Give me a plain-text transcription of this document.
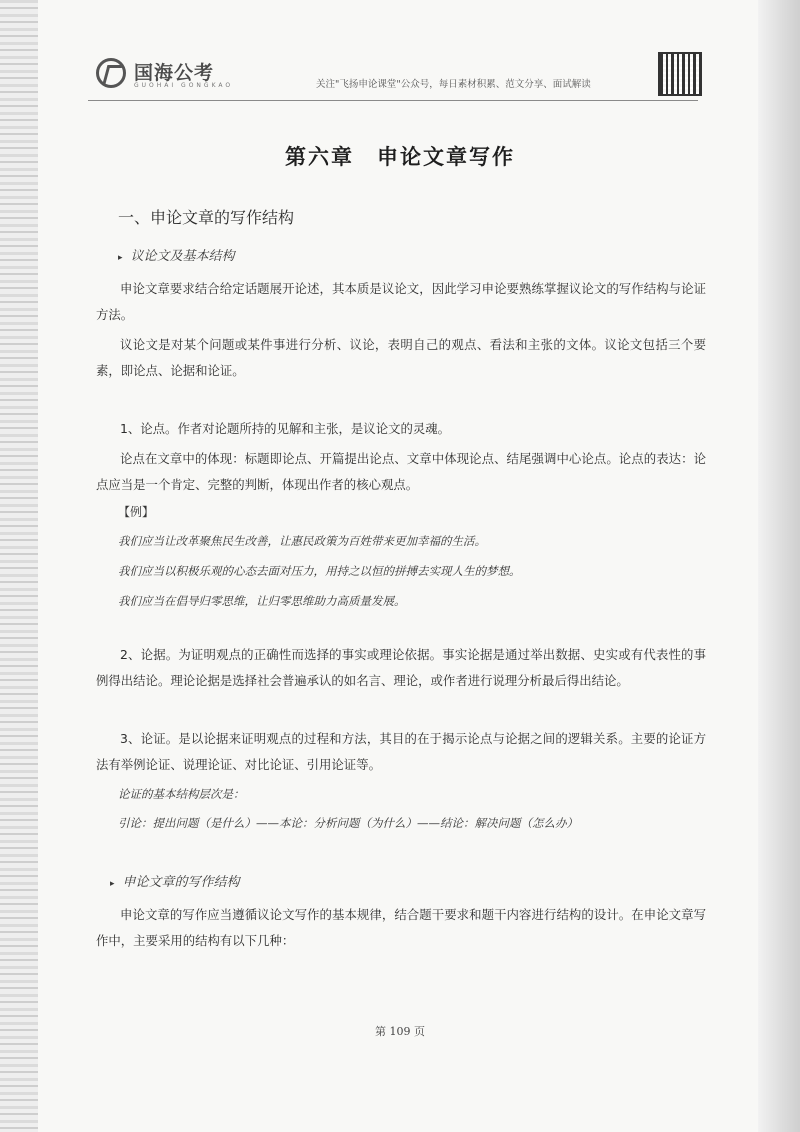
国海公考
GUOHAI GONGKAO	关注"飞扬申论课堂"公众号，每日素材积累、范文分享、面试解读
第六章　申论文章写作
一、申论文章的写作结构
▸ 议论文及基本结构
申论文章要求结合给定话题展开论述，其本质是议论文，因此学习申论要熟练掌握议论文的写作结构与论证方法。
议论文是对某个问题或某件事进行分析、议论，表明自己的观点、看法和主张的文体。议论文包括三个要素，即论点、论据和论证。
1、论点。作者对论题所持的见解和主张，是议论文的灵魂。
论点在文章中的体现：标题即论点、开篇提出论点、文章中体现论点、结尾强调中心论点。论点的表达：论点应当是一个肯定、完整的判断，体现出作者的核心观点。
【例】
我们应当让改革聚焦民生改善，让惠民政策为百姓带来更加幸福的生活。
我们应当以积极乐观的心态去面对压力，用持之以恒的拼搏去实现人生的梦想。
我们应当在倡导归零思维，让归零思维助力高质量发展。
2、论据。为证明观点的正确性而选择的事实或理论依据。事实论据是通过举出数据、史实或有代表性的事例得出结论。理论论据是选择社会普遍承认的如名言、理论，或作者进行说理分析最后得出结论。
3、论证。是以论据来证明观点的过程和方法，其目的在于揭示论点与论据之间的逻辑关系。主要的论证方法有举例论证、说理论证、对比论证、引用论证等。
论证的基本结构层次是：
引论：提出问题（是什么）——本论：分析问题（为什么）——结论：解决问题（怎么办）
▸ 申论文章的写作结构
申论文章的写作应当遵循议论文写作的基本规律，结合题干要求和题干内容进行结构的设计。在申论文章写作中，主要采用的结构有以下几种：
第 109 页
